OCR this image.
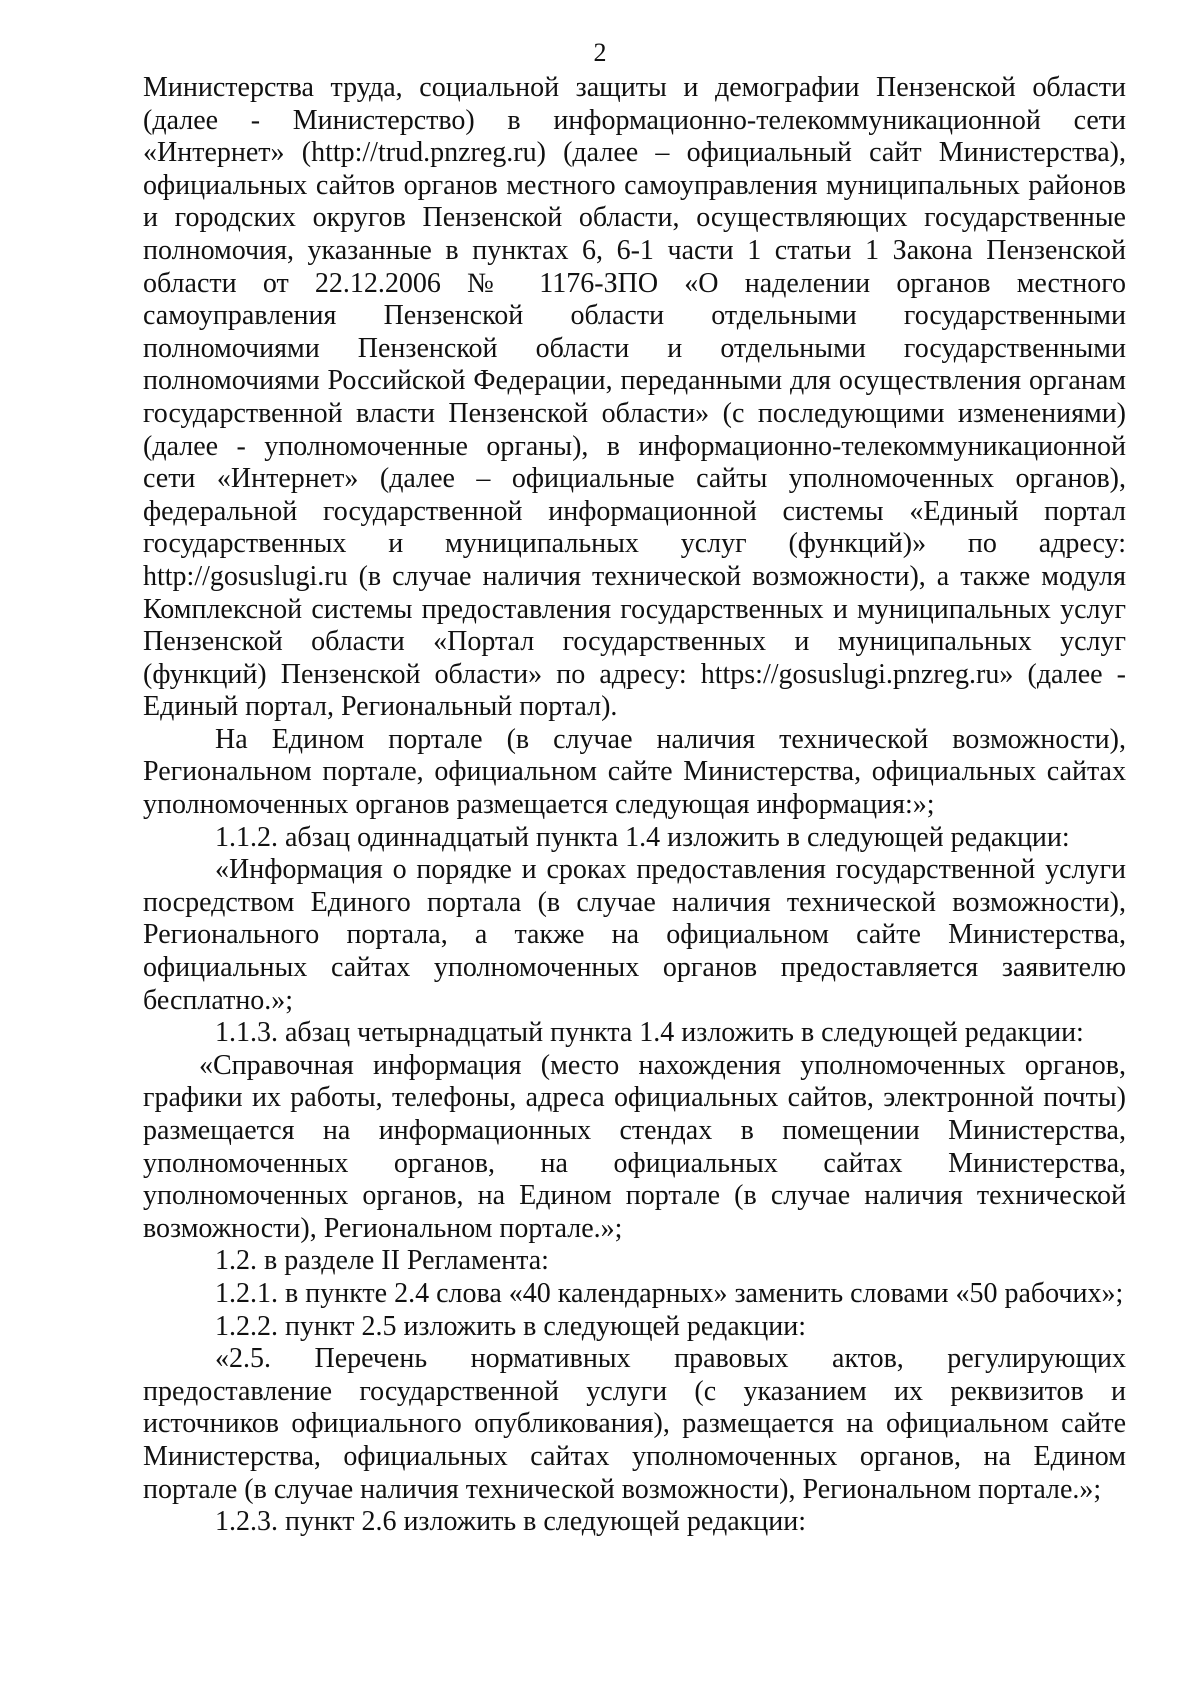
2

Министерства труда, социальной защиты и демографии Пензенской области (далее - Министерство) в информационно-телекоммуникационной сети «Интернет» (http://trud.pnzreg.ru) (далее – официальный сайт Министерства), официальных сайтов органов местного самоуправления муниципальных районов и городских округов Пензенской области, осуществляющих государственные полномочия, указанные в пунктах 6, 6-1 части 1 статьи 1 Закона Пензенской области от 22.12.2006 № 1176-ЗПО «О наделении органов местного самоуправления Пензенской области отдельными государственными полномочиями Пензенской области и отдельными государственными полномочиями Российской Федерации, переданными для осуществления органам государственной власти Пензенской области» (с последующими изменениями) (далее - уполномоченные органы), в информационно-телекоммуникационной сети «Интернет» (далее – официальные сайты уполномоченных органов), федеральной государственной информационной системы «Единый портал государственных и муниципальных услуг (функций)» по адресу: http://gosuslugi.ru (в случае наличия технической возможности), а также модуля Комплексной системы предоставления государственных и муниципальных услуг Пензенской области «Портал государственных и муниципальных услуг (функций) Пензенской области» по адресу: https://gosuslugi.pnzreg.ru» (далее - Единый портал, Региональный портал).

На Едином портале (в случае наличия технической возможности), Региональном портале, официальном сайте Министерства, официальных сайтах уполномоченных органов размещается следующая информация:»;

1.1.2. абзац одиннадцатый пункта 1.4 изложить в следующей редакции:

«Информация о порядке и сроках предоставления государственной услуги посредством Единого портала (в случае наличия технической возможности), Регионального портала, а также на официальном сайте Министерства, официальных сайтах уполномоченных органов предоставляется заявителю бесплатно.»;

1.1.3. абзац четырнадцатый пункта 1.4 изложить в следующей редакции:

«Справочная информация (место нахождения уполномоченных органов, графики их работы, телефоны, адреса официальных сайтов, электронной почты) размещается на информационных стендах в помещении Министерства, уполномоченных органов, на официальных сайтах Министерства, уполномоченных органов, на Едином портале (в случае наличия технической возможности), Региональном портале.»;

1.2. в разделе II Регламента:

1.2.1. в пункте 2.4 слова «40 календарных» заменить словами «50 рабочих»;

1.2.2. пункт 2.5 изложить в следующей редакции:

«2.5. Перечень нормативных правовых актов, регулирующих предоставление государственной услуги (с указанием их реквизитов и источников официального опубликования), размещается на официальном сайте Министерства, официальных сайтах уполномоченных органов, на Едином портале (в случае наличия технической возможности), Региональном портале.»;

1.2.3. пункт 2.6 изложить в следующей редакции:
